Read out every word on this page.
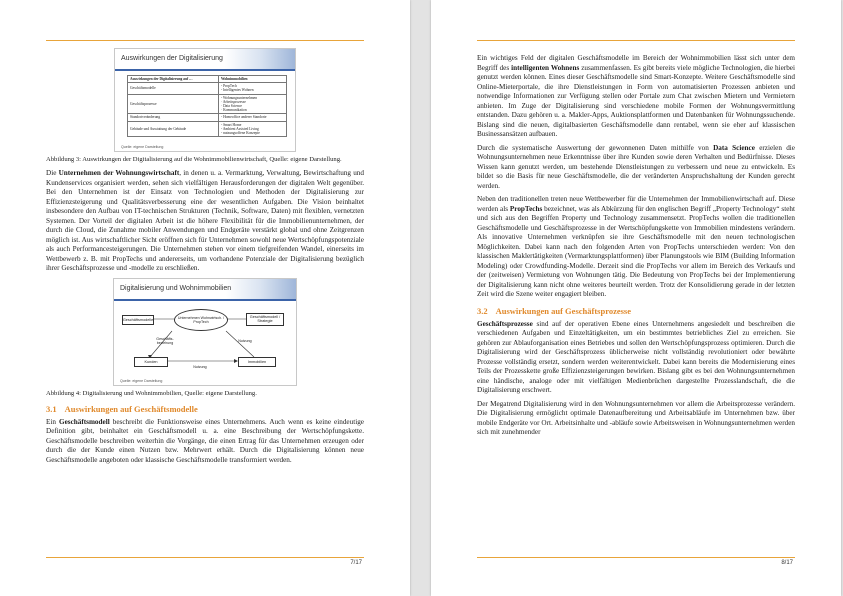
Auswirkungen der Digitalisierung
Auswirkungen der Digitalisierung auf …	Wohnimmobilien
Geschäftsmodelle	- PropTech
- Intelligentes Wohnen

Geschäftsprozesse	- Wohnungsunternehmen
· Arbeitsprozesse
· Data Science
· Kommunikation

Standortveränderung	- Homeoffice anderer Standorte

Gebäude und Ausstattung der Gebäude	- Smart Home
- Ambient Assisted Living
- nutzungsoffene Konzepte
Quelle: eigene Darstellung

Abbildung 3: Auswirkungen der Digitalisierung auf die Wohnimmobilienwirtschaft, Quelle: eigene Darstellung.

Die Unternehmen der Wohnungswirtschaft, in denen u. a. Vermarktung, Verwaltung, Bewirtschaftung und Kundenservices organisiert werden, sehen sich vielfältigen Herausforderungen der digitalen Welt gegenüber. Bei den Unternehmen ist der Einsatz von Technologien und Methoden der Digitalisierung zur Effizienzsteigerung und Qualitätsverbesserung eine der wesentlichen Aufgaben. Die Vision beinhaltet insbesondere den Aufbau von IT-technischen Strukturen (Technik, Software, Daten) mit flexiblen, vernetzten Systemen. Der Vorteil der digitalen Arbeit ist die höhere Flexibilität für die Immobilienunternehmen, der durch die Cloud, die Zunahme mobiler Anwendungen und Endgeräte verstärkt global und ohne Zeitgrenzen möglich ist. Aus wirtschaftlicher Sicht eröffnen sich für Unternehmen sowohl neue Wertschöpfungspotenziale als auch Performancesteigerungen. Die Unternehmen stehen vor einem tiefgreifenden Wandel, einerseits im Wettbewerb z. B. mit PropTechs und andererseits, um vorhandene Potenziale der Digitalisierung bezüglich ihrer Geschäftsprozesse und -modelle zu erschließen.

Digitalisierung und Wohnimmobilien
Geschäftsmodelle	Unternehmen Wohnwirtsch. / PropTech
Geschäftsmodell / Strategie
Geschäfts- beziehung	Nutzung
Kunden	Immobilien
Nutzung
Quelle: eigene Darstellung

Abbildung 4: Digitalisierung und Wohnimmobilien, Quelle: eigene Darstellung.

3.1 Auswirkungen auf Geschäftsmodelle

Ein Geschäftsmodell beschreibt die Funktionsweise eines Unternehmens. Auch wenn es keine eindeutige Definition gibt, beinhaltet ein Geschäftsmodell u. a. eine Beschreibung der Wertschöpfungskette. Geschäftsmodelle beschreiben weiterhin die Vorgänge, die einen Ertrag für das Unternehmen erzeugen oder durch die der Kunde einen Nutzen bzw. Mehrwert erhält. Durch die Digitalisierung können neue Geschäftsmodelle angeboten oder klassische Geschäftsmodelle transformiert werden.

7/17

Ein wichtiges Feld der digitalen Geschäftsmodelle im Bereich der Wohnimmobilien lässt sich unter dem Begriff des intelligenten Wohnens zusammenfassen. Es gibt bereits viele mögliche Technologien, die hierbei genutzt werden können. Eines dieser Geschäftsmodelle sind Smart-Konzepte. Weitere Geschäftsmodelle sind Online-Mieterportale, die ihre Dienstleistungen in Form von automatisierten Prozessen anbieten und notwendige Informationen zur Verfügung stellen oder Portale zum Chat zwischen Mietern und Vermietern anbieten. Im Zuge der Digitalisierung sind verschiedene mobile Formen der Wohnungsvermittlung entstanden. Dazu gehören u. a. Makler-Apps, Auktionsplattformen und Datenbanken für Wohnungssuchende. Bislang sind die neuen, digitalbasierten Geschäftsmodelle dann rentabel, wenn sie eher auf klassischen Businessansätzen aufbauen.

Durch die systematische Auswertung der gewonnenen Daten mithilfe von Data Science erzielen die Wohnungsunternehmen neue Erkenntnisse über ihre Kunden sowie deren Verhalten und Bedürfnisse. Dieses Wissen kann genutzt werden, um bestehende Dienstleistungen zu verbessern und neue zu entwickeln. Es bildet so die Basis für neue Geschäftsmodelle, die der veränderten Anspruchshaltung der Kunden gerecht werden.

Neben den traditionellen treten neue Wettbewerber für die Unternehmen der Immobilienwirtschaft auf. Diese werden als PropTechs bezeichnet, was als Abkürzung für den englischen Begriff „Property Technology“ steht und sich aus den Begriffen Property und Technology zusammensetzt. PropTechs wollen die traditionellen Geschäftsmodelle und Geschäftsprozesse in der Wertschöpfungskette von Immobilien mindestens verändern. Als innovative Unternehmen verknüpfen sie ihre Geschäftsmodelle mit den neuen technologischen Möglichkeiten. Dabei kann nach den folgenden Arten von PropTechs unterschieden werden: Von den klassischen Maklertätigkeiten (Vermarktungsplattformen) über Planungstools wie BIM (Building Information Modeling) oder Crowdfunding-Modelle. Derzeit sind die PropTechs vor allem im Bereich des Verkaufs und der (zeitweisen) Vermietung von Wohnungen tätig. Die Bedeutung von PropTechs bei der Implementierung der Digitalisierung kann nicht ohne weiteres beurteilt werden. Trotz der Konsolidierung gerade in der letzten Zeit wird die Szene weiter engagiert bleiben.

3.2 Auswirkungen auf Geschäftsprozesse

Geschäftsprozesse sind auf der operativen Ebene eines Unternehmens angesiedelt und beschreiben die verschiedenen Aufgaben und Einzeltätigkeiten, um ein bestimmtes betriebliches Ziel zu erreichen. Sie gehören zur Ablauforganisation eines Betriebes und sollen den Wertschöpfungsprozess optimieren. Durch die Digitalisierung wird der Geschäftsprozess üblicherweise nicht vollständig revolutioniert oder bewährte Prozesse vollständig ersetzt, sondern werden weiterentwickelt. Dabei kann bereits die Modernisierung eines Teils der Prozesskette große Effizienzsteigerungen bewirken. Bislang gibt es bei den Wohnungsunternehmen eine händische, analoge oder mit vielfältigen Medienbrüchen dargestellte Prozesslandschaft, die die Digitalisierung erschwert.

Der Megatrend Digitalisierung wird in den Wohnungsunternehmen vor allem die Arbeitsprozesse verändern. Die Digitalisierung ermöglicht optimale Datenaufbereitung und Arbeitsabläufe im Unternehmen bzw. über mobile Endgeräte vor Ort. Arbeitsinhalte und -abläufe sowie Arbeitsweisen in Wohnungsunternehmen werden sich mit zunehmender

8/17
